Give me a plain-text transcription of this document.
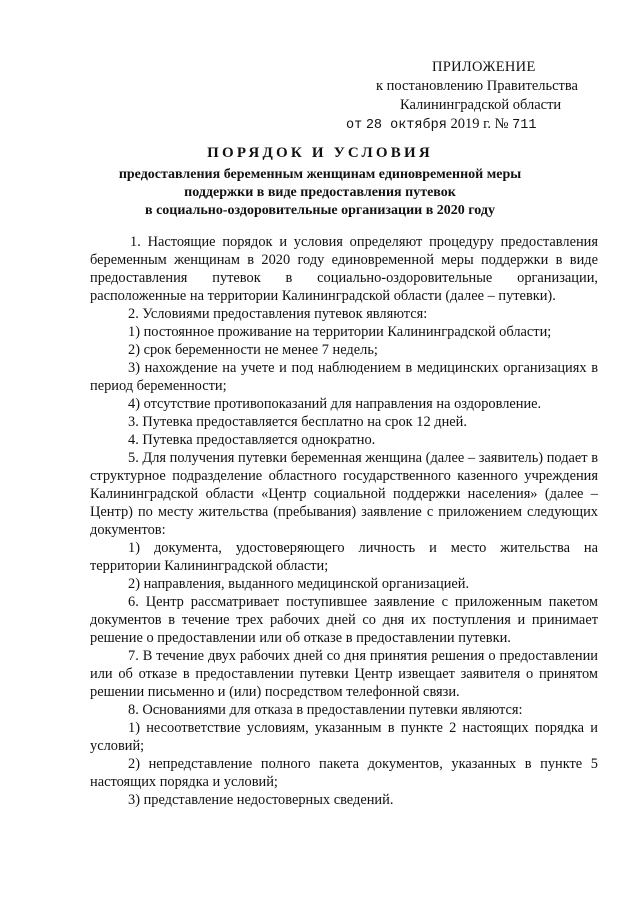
ПРИЛОЖЕНИЕ
к постановлению Правительства
Калининградской области
от 28 октября 2019 г. № 711
ПОРЯДОК И УСЛОВИЯ
предоставления беременным женщинам единовременной меры
поддержки в виде предоставления путевок
в социально-оздоровительные организации в 2020 году

1. Настоящие порядок и условия определяют процедуру предоставления беременным женщинам в 2020 году единовременной меры поддержки в виде предоставления путевок в социально-оздоровительные организации, расположенные на территории Калининградской области (далее – путевки).

2. Условиями предоставления путевок являются:

1) постоянное проживание на территории Калининградской области;

2) срок беременности не менее 7 недель;

3) нахождение на учете и под наблюдением в медицинских организациях в период беременности;

4) отсутствие противопоказаний для направления на оздоровление.

3. Путевка предоставляется бесплатно на срок 12 дней.

4. Путевка предоставляется однократно.

5. Для получения путевки беременная женщина (далее – заявитель) подает в структурное подразделение областного государственного казенного учреждения Калининградской области «Центр социальной поддержки населения» (далее – Центр) по месту жительства (пребывания) заявление с приложением следующих документов:

1) документа, удостоверяющего личность и место жительства на территории Калининградской области;

2) направления, выданного медицинской организацией.

6. Центр рассматривает поступившее заявление с приложенным пакетом документов в течение трех рабочих дней со дня их поступления и принимает решение о предоставлении или об отказе в предоставлении путевки.

7. В течение двух рабочих дней со дня принятия решения о предоставлении или об отказе в предоставлении путевки Центр извещает заявителя о принятом решении письменно и (или) посредством телефонной связи.

8. Основаниями для отказа в предоставлении путевки являются:

1) несоответствие условиям, указанным в пункте 2 настоящих порядка и условий;

2) непредставление полного пакета документов, указанных в пункте 5 настоящих порядка и условий;

3) представление недостоверных сведений.
